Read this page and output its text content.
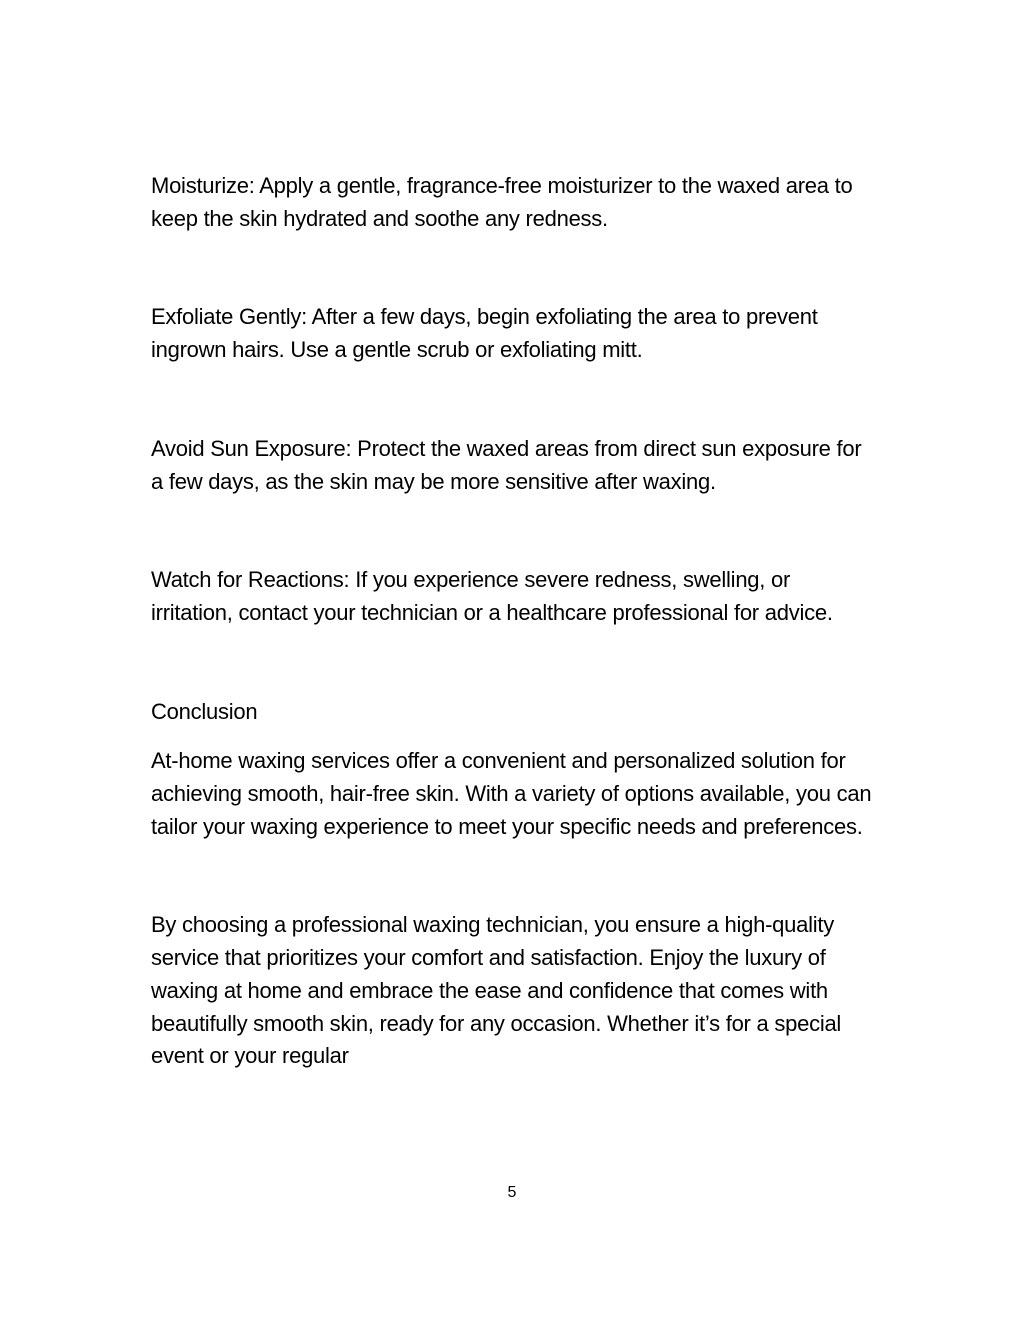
Moisturize: Apply a gentle, fragrance-free moisturizer to the waxed area to keep the skin hydrated and soothe any redness.

Exfoliate Gently: After a few days, begin exfoliating the area to prevent ingrown hairs. Use a gentle scrub or exfoliating mitt.

Avoid Sun Exposure: Protect the waxed areas from direct sun exposure for a few days, as the skin may be more sensitive after waxing.

Watch for Reactions: If you experience severe redness, swelling, or irritation, contact your technician or a healthcare professional for advice.

Conclusion

At-home waxing services offer a convenient and personalized solution for achieving smooth, hair-free skin. With a variety of options available, you can tailor your waxing experience to meet your specific needs and preferences.

By choosing a professional waxing technician, you ensure a high-quality service that prioritizes your comfort and satisfaction. Enjoy the luxury of waxing at home and embrace the ease and confidence that comes with beautifully smooth skin, ready for any occasion. Whether it’s for a special event or your regular

5
